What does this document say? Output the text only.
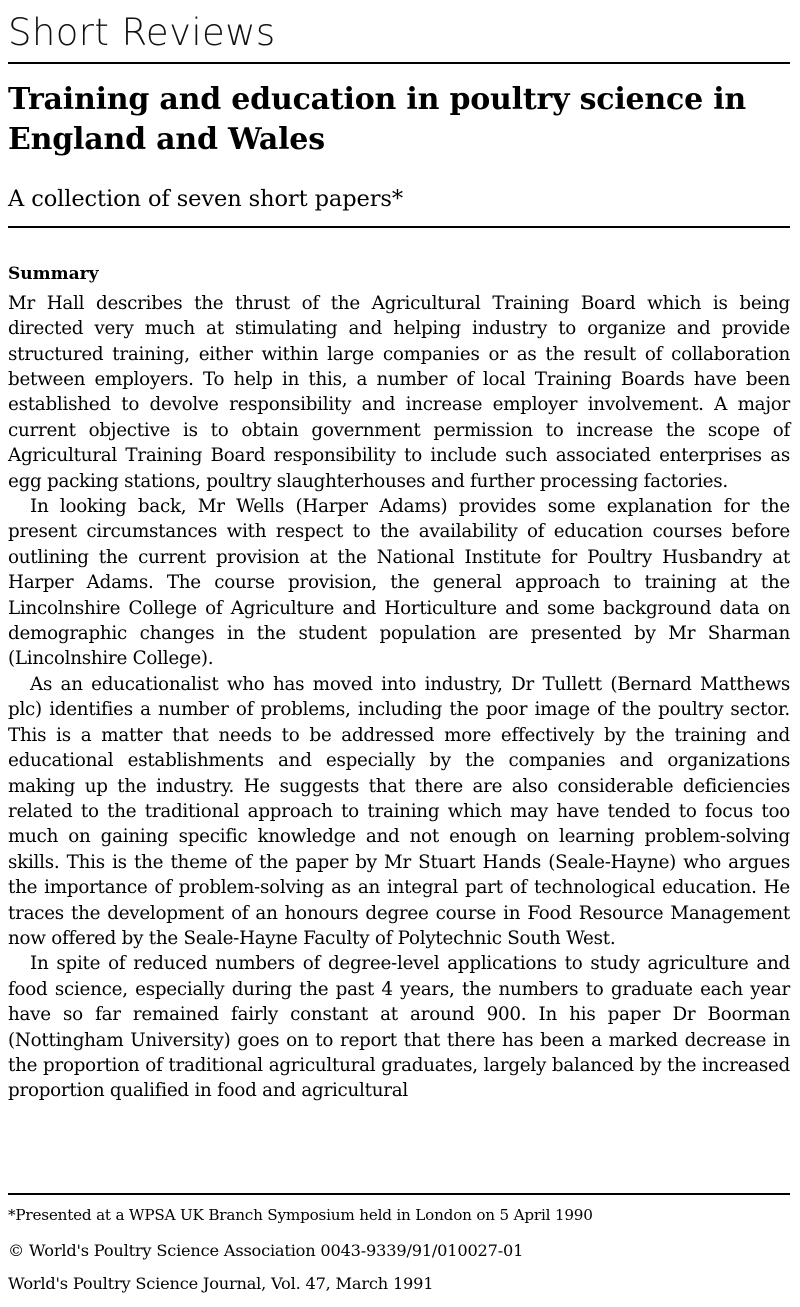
Short Reviews
Training and education in poultry science in England and Wales
A collection of seven short papers*
Summary

Mr Hall describes the thrust of the Agricultural Training Board which is being directed very much at stimulating and helping industry to organize and provide structured training, either within large companies or as the result of collaboration between employers. To help in this, a number of local Training Boards have been established to devolve responsibility and increase employer involvement. A major current objective is to obtain government permission to increase the scope of Agricultural Training Board responsibility to include such associated enterprises as egg packing stations, poultry slaughterhouses and further processing factories.

In looking back, Mr Wells (Harper Adams) provides some explanation for the present circumstances with respect to the availability of education courses before outlining the current provision at the National Institute for Poultry Husbandry at Harper Adams. The course provision, the general approach to training at the Lincolnshire College of Agriculture and Horticulture and some background data on demographic changes in the student population are presented by Mr Sharman (Lincolnshire College).

As an educationalist who has moved into industry, Dr Tullett (Bernard Matthews plc) identifies a number of problems, including the poor image of the poultry sector. This is a matter that needs to be addressed more effectively by the training and educational establishments and especially by the companies and organizations making up the industry. He suggests that there are also considerable deficiencies related to the traditional approach to training which may have tended to focus too much on gaining specific knowledge and not enough on learning problem-solving skills. This is the theme of the paper by Mr Stuart Hands (Seale-Hayne) who argues the importance of problem-solving as an integral part of technological education. He traces the development of an honours degree course in Food Resource Management now offered by the Seale-Hayne Faculty of Polytechnic South West.

In spite of reduced numbers of degree-level applications to study agriculture and food science, especially during the past 4 years, the numbers to graduate each year have so far remained fairly constant at around 900. In his paper Dr Boorman (Nottingham University) goes on to report that there has been a marked decrease in the proportion of traditional agricultural graduates, largely balanced by the increased proportion qualified in food and agricultural

*Presented at a WPSA UK Branch Symposium held in London on 5 April 1990
© World's Poultry Science Association 0043-9339/91/010027-01
World's Poultry Science Journal, Vol. 47, March 1991
